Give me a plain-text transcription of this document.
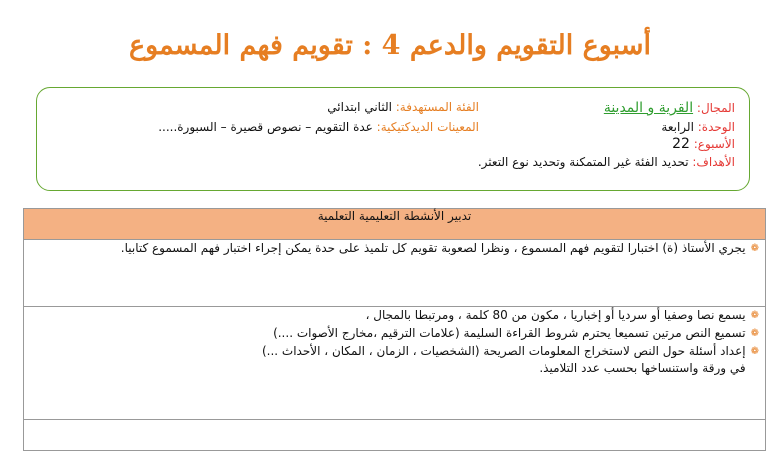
أسبوع التقويم والدعم 4 : تقويم فهم المسموع
المجال: القرية و المدينة
الوحدة: الرابعة
الأسبوع: 22
الأهداف: تحديد الفئة غير المتمكنة وتحديد نوع التعثر.
الفئة المستهدفة: الثاني ابتدائي
المعينات الديدكتيكية: عدة التقويم – نصوص قصيرة – السبورة.....
تدبير الأنشطة التعليمية التعلمية

❁
يجري الأستاذ (ة) اختبارا لتقويم فهم المسموع ، ونظرا لصعوبة تقويم كل تلميذ على حدة يمكن إجراء اختبار فهم المسموع كتابيا.

❁
يسمع نصا وصفيا أو سرديا أو إخباريا ، مكون من 80 كلمة ، ومرتبطا بالمجال ،
❁
تسميع النص مرتين تسميعا يحترم شروط القراءة السليمة (علامات الترقيم ،مخارج الأصوات ....)
❁
إعداد أسئلة حول النص لاستخراج المعلومات الصريحة (الشخصيات ، الزمان ، المكان ، الأحداث ...) في ورقة واستنساخها بحسب عدد التلاميذ.
